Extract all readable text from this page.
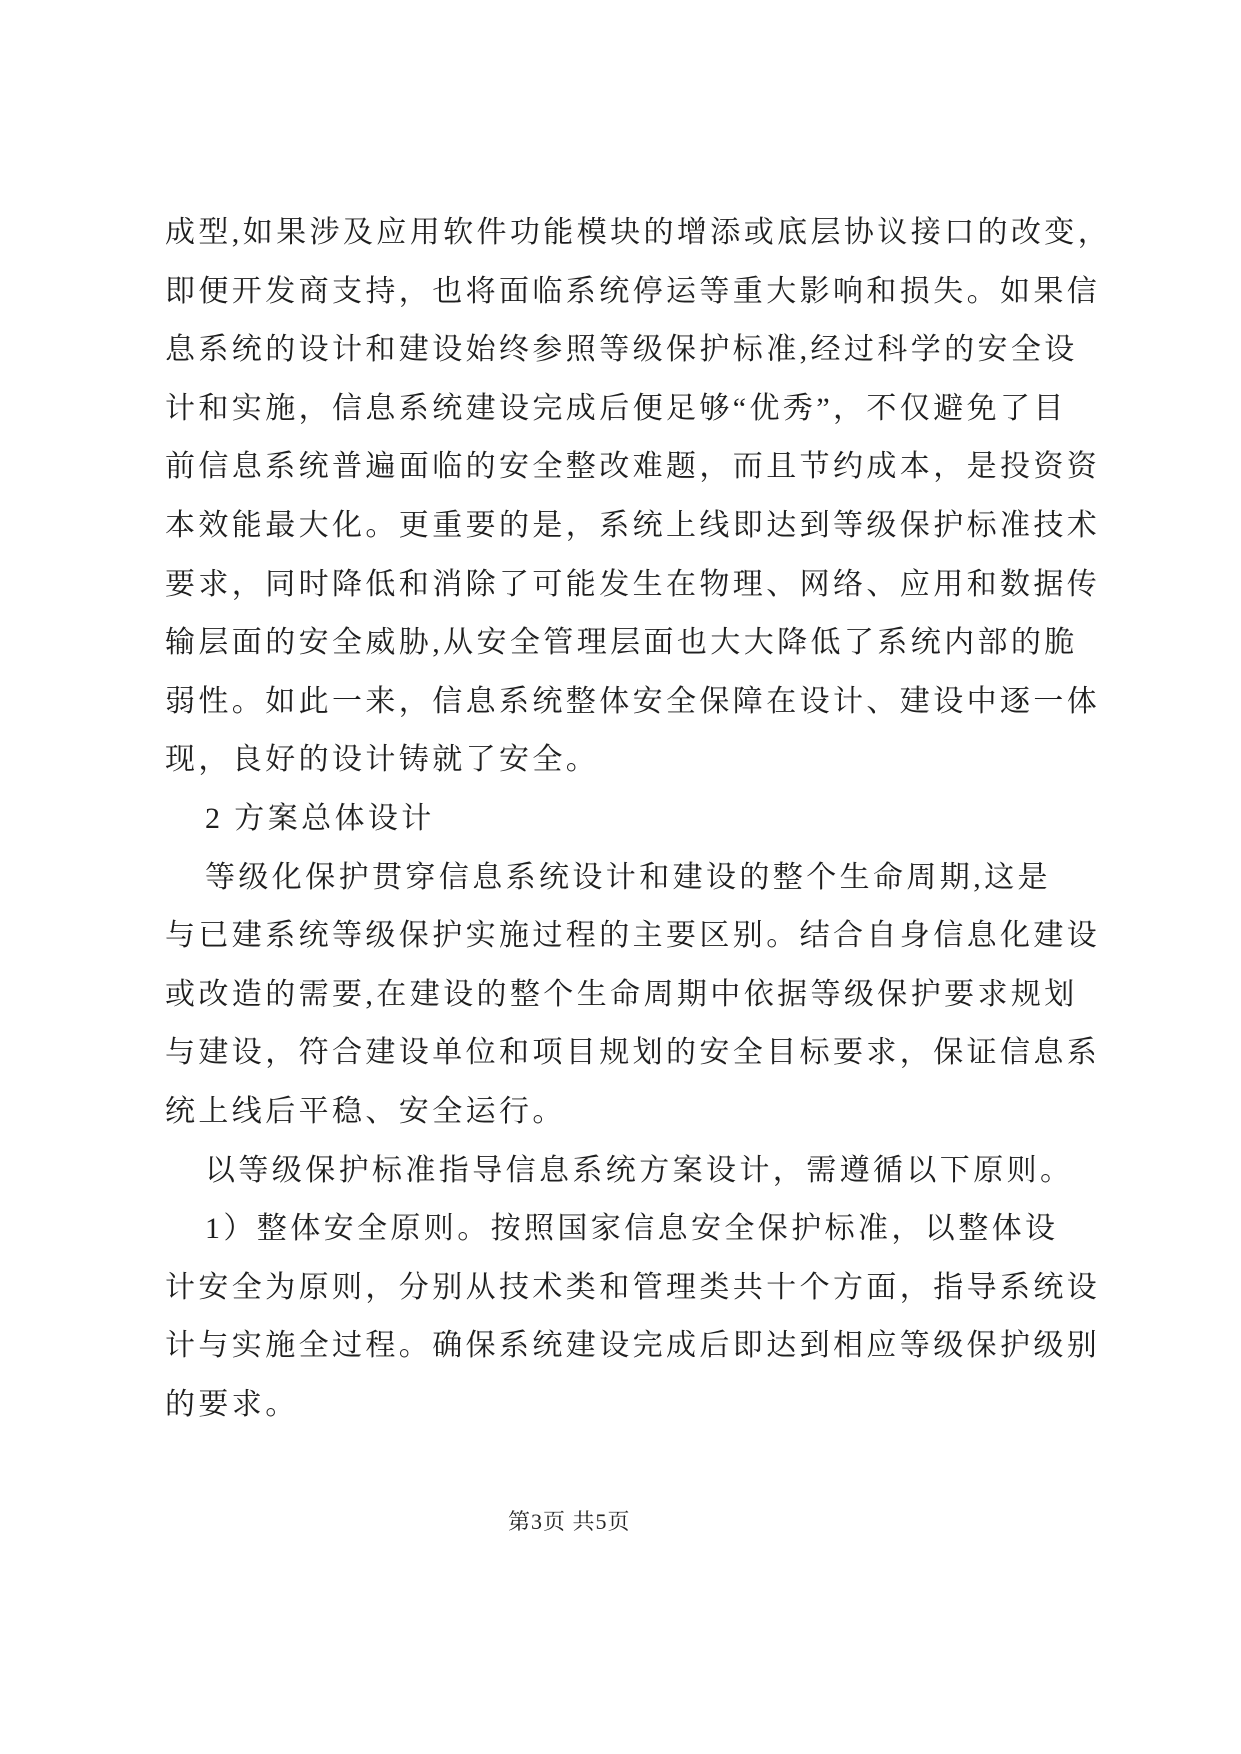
成型,如果涉及应用软件功能模块的增添或底层协议接口的改变，
即便开发商支持，也将面临系统停运等重大影响和损失。如果信
息系统的设计和建设始终参照等级保护标准,经过科学的安全设
计和实施，信息系统建设完成后便足够“优秀”，不仅避免了目
前信息系统普遍面临的安全整改难题，而且节约成本，是投资资
本效能最大化。更重要的是，系统上线即达到等级保护标准技术
要求，同时降低和消除了可能发生在物理、网络、应用和数据传
输层面的安全威胁,从安全管理层面也大大降低了系统内部的脆
弱性。如此一来，信息系统整体安全保障在设计、建设中逐一体
现，良好的设计铸就了安全。
2 方案总体设计
等级化保护贯穿信息系统设计和建设的整个生命周期,这是
与已建系统等级保护实施过程的主要区别。结合自身信息化建设
或改造的需要,在建设的整个生命周期中依据等级保护要求规划
与建设，符合建设单位和项目规划的安全目标要求，保证信息系
统上线后平稳、安全运行。
以等级保护标准指导信息系统方案设计，需遵循以下原则。
1）整体安全原则。按照国家信息安全保护标准，以整体设
计安全为原则，分别从技术类和管理类共十个方面，指导系统设
计与实施全过程。确保系统建设完成后即达到相应等级保护级别
的要求。
第3页 共5页
